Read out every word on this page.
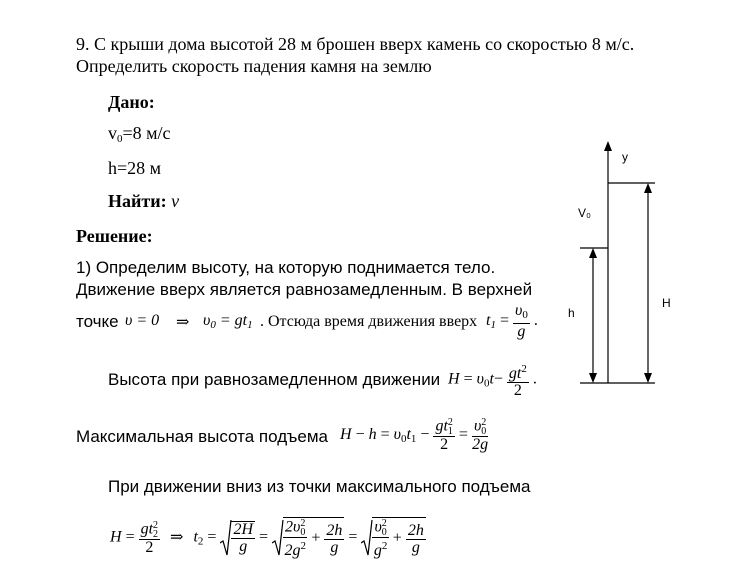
9. С крыши дома высотой 28 м брошен вверх камень со скоростью 8 м/с.
Определить скорость падения камня на землю
Дано:
$v_0=8$ м/с
h=28 м
Найти: v
Решение:
1) Определим высоту, на которую поднимается тело.
Движение вверх является равнозамедленным. В верхней
точке υ = 0 ⇒ $\upsilon_0 = gt_1$ . Отсюда время движения вверх $t_1 = \frac{\upsilon_0}{g}$ .
Высота при равнозамедленном движении $H = \upsilon_0t- \frac{gt^2}{2}$ .
Максимальная высота подъема $H - h = \upsilon_0t_1$ − gt 2
1
2 = υ 2
0
2g
При движении вниз из точки максимального подъема
H = gt 2
2
2 ⇒ $t_2 = \frac{2H}{g} = 2\upsilon$ 2
0
$2g^2 + \frac{2h}{g} = \upsilon$ 2
0
$g^2 + \frac{2h}{g}$
y
V₀
h
H
